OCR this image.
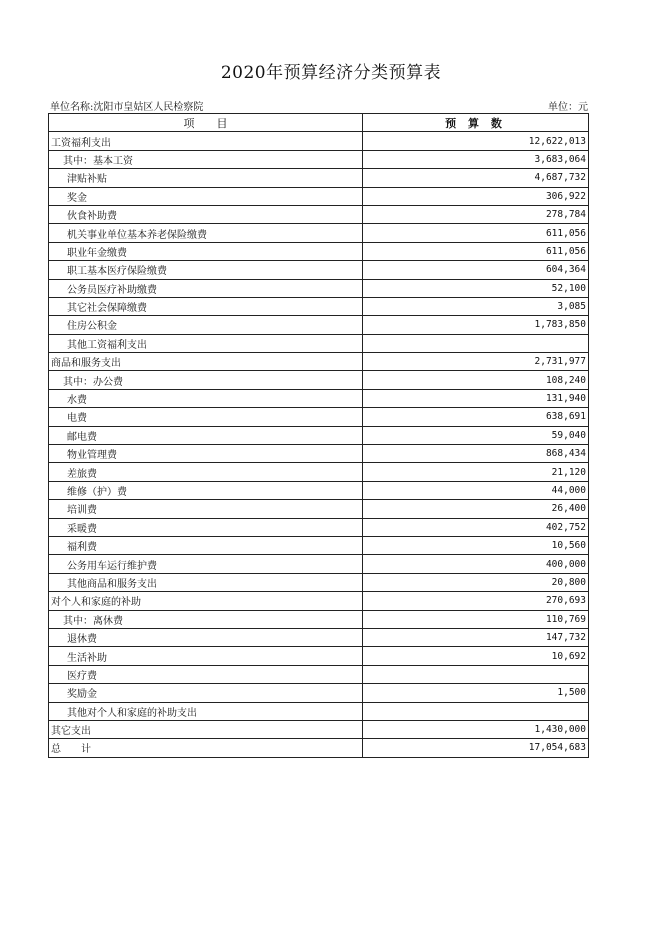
2020年预算经济分类预算表
单位名称:沈阳市皇姑区人民检察院	单位：元
项　　目	预 算 数
工资福利支出	12,622,013
其中：基本工资	3,683,064
津贴补贴	4,687,732
奖金	306,922
伙食补助费	278,784
机关事业单位基本养老保险缴费	611,056
职业年金缴费	611,056
职工基本医疗保险缴费	604,364
公务员医疗补助缴费	52,100
其它社会保障缴费	3,085
住房公积金	1,783,850
其他工资福利支出	
商品和服务支出	2,731,977
其中：办公费	108,240
水费	131,940
电费	638,691
邮电费	59,040
物业管理费	868,434
差旅费	21,120
维修（护）费	44,000
培训费	26,400
采暖费	402,752
福利费	10,560
公务用车运行维护费	400,000
其他商品和服务支出	20,800
对个人和家庭的补助	270,693
其中：离休费	110,769
退休费	147,732
生活补助	10,692
医疗费	
奖励金	1,500
其他对个人和家庭的补助支出	
其它支出	1,430,000
总　　计	17,054,683
